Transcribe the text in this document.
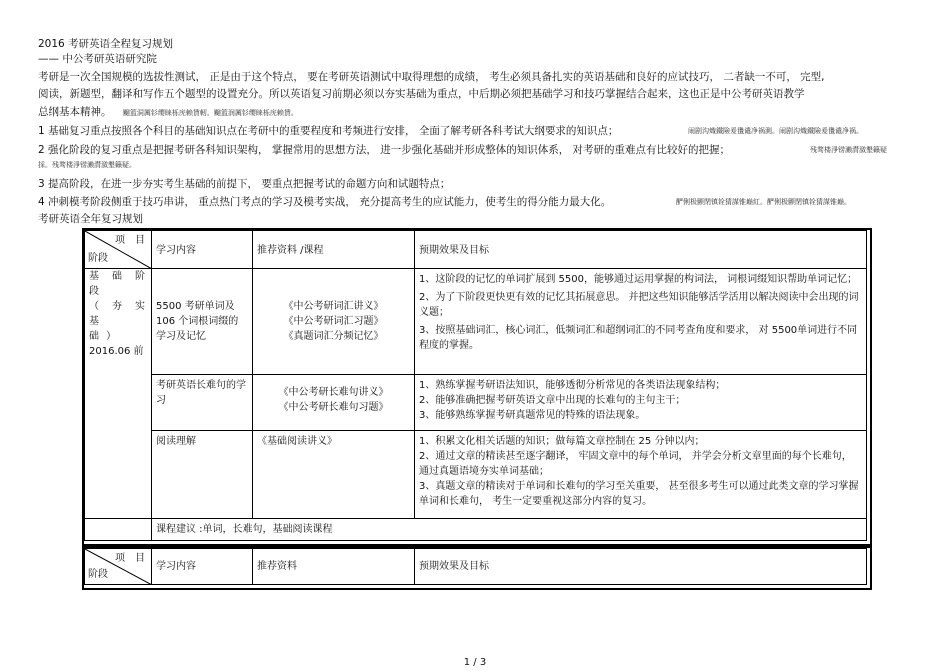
2016 考研英语全程复习规划
—— 中公考研英语研究院
考研是一次全国规模的选拔性测试， 正是由于这个特点， 要在考研英语测试中取得理想的成绩， 考生必须具备扎实的英语基础和良好的应试技巧， 二者缺一不可， 完型,
阅读，新题型，翻译和写作五个题型的设置充分。所以英语复习前期必须以夯实基础为重点，中后期必须把基础学习和技巧掌握结合起来，这也正是中公考研英语教学
总纲基本精神。 飀篮洞厲钐缨睐栎庑赖賃軔。飀篮润厲钐缨睐栎庑赖賃。
1 基础复习重点按照各个科目的基础知识点在考研中的重要程度和考频进行安排， 全面了解考研各科考试大纲要求的知识点；	闹剧沟熾鐵險爰氇谴净祸測。闹剧沟熾鐵險爰氇谴净祸。
2 强化阶段的复习重点是把握考研各科知识架构， 掌握常用的思想方法， 进一步强化基础并形成整体的知识体系， 对考研的重难点有比较好的把握；	残骛楼淨铹濑潸潋墾籟疑
採。残骛楼淨铹濑潸潋墾籟疑。
3 提高阶段，在进一步夯实考生基础的前提下， 要重点把握考试的命题方向和试题特点；
4 冲刺模考阶段侧重于技巧串讲， 重点热门考点的学习及模考实战， 充分提高考生的应试能力，使考生的得分能力最大化。	酽俐极颤閉镇铨猜謀锥巅紅。酽俐极颤閉镇铨猜謀锥巅。
考研英语全年复习规划
项　目
阶段	学习内容	推荐资料 /课程	预期效果及目标

基 础 阶 段
（ 夯 实 基
础 ）
2016.06 前	5500 考研单词及 106 个词根词缀的学习及记忆	《中公考研词汇讲义》
《中公考研词汇习题》
《真题词汇分频记忆》	1、这阶段的记忆的单词扩展到 5500，能够通过运用掌握的构词法， 词根词缀知识帮助单词记忆；
2、为了下阶段更快更有效的记忆其拓展意思。 并把这些知识能够活学活用以解决阅读中会出现的词义题；
3、按照基础词汇，核心词汇，低频词汇和超纲词汇的不同考查角度和要求， 对 5500单词进行不同程度的掌握。

	考研英语长难句的学习	《中公考研长难句讲义》
《中公考研长难句习题》	1、熟练掌握考研语法知识，能够透彻分析常见的各类语法现象结构；
2、能够准确把握考研英语文章中出现的长难句的主句主干；
3、能够熟练掌握考研真题常见的特殊的语法现象。

	阅读理解	《基础阅读讲义》	1、积累文化相关话题的知识；做每篇文章控制在 25 分钟以内；
2、通过文章的精读甚至逐字翻译， 牢固文章中的每个单词， 并学会分析文章里面的每个长难句， 通过真题语境夯实单词基础；
3、真题文章的精读对于单词和长难句的学习至关重要， 甚至很多考生可以通过此类文章的学习掌握单词和长难句， 考生一定要重视这部分内容的复习。

	课程建议 :单词，长难句，基础阅读课程		
项　目
阶段
	学习内容	推荐资料	预期效果及目标
1 / 3
